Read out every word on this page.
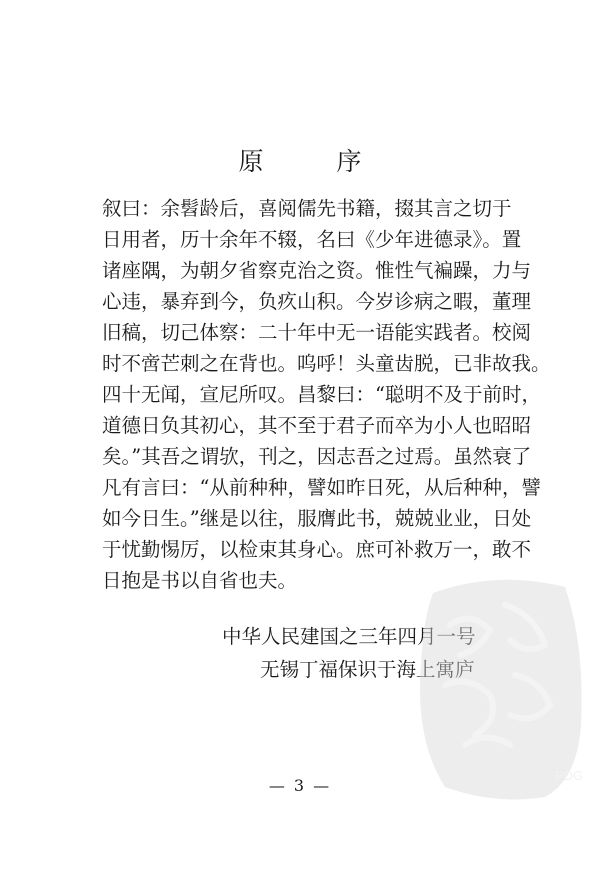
原　序
叙曰：余髫龄后，喜阅儒先书籍，掇其言之切于
日用者，历十余年不辍，名曰《少年进德录》。置
诸座隅，为朝夕省察克治之资。惟性气褊躁，力与
心违，暴弃到今，负疚山积。今岁诊病之暇，董理
旧稿，切己体察：二十年中无一语能实践者。校阅
时不啻芒刺之在背也。呜呼！头童齿脱，已非故我。
四十无闻，宣尼所叹。昌黎曰：“聪明不及于前时，
道德日负其初心，其不至于君子而卒为小人也昭昭
矣。”其吾之谓欤，刊之，因志吾之过焉。虽然衰了
凡有言曰：“从前种种，譬如昨日死，从后种种，譬
如今日生。”继是以往，服膺此书，兢兢业业，日处
于忧勤惕厉，以检束其身心。庶可补救万一，敢不
日抱是书以自省也夫。
中华人民建国之三年四月一号
无锡丁福保识于海上寓庐
— 3 —
PDG
